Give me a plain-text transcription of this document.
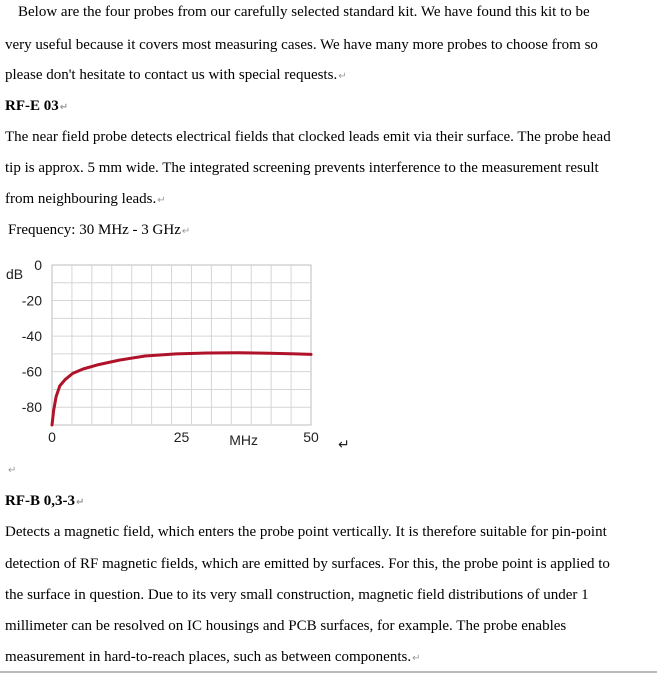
Below are the four probes from our carefully selected standard kit. We have found this kit to be
very useful because it covers most measuring cases. We have many more probes to choose from so
please don't hesitate to contact us with special requests.↵
RF-E 03↵
The near field probe detects electrical fields that clocked leads emit via their surface. The probe head
tip is approx. 5 mm wide. The integrated screening prevents interference to the measurement result
from neighbouring leads.↵
Frequency: 30 MHz - 3 GHz↵
0
-20
-40
-60
-80
dB
0	25	50
MHz	↵
↵
RF-B 0,3-3↵
Detects a magnetic field, which enters the probe point vertically. It is therefore suitable for pin-point
detection of RF magnetic fields, which are emitted by surfaces. For this, the probe point is applied to
the surface in question. Due to its very small construction, magnetic field distributions of under 1
millimeter can be resolved on IC housings and PCB surfaces, for example. The probe enables
measurement in hard-to-reach places, such as between components.↵
